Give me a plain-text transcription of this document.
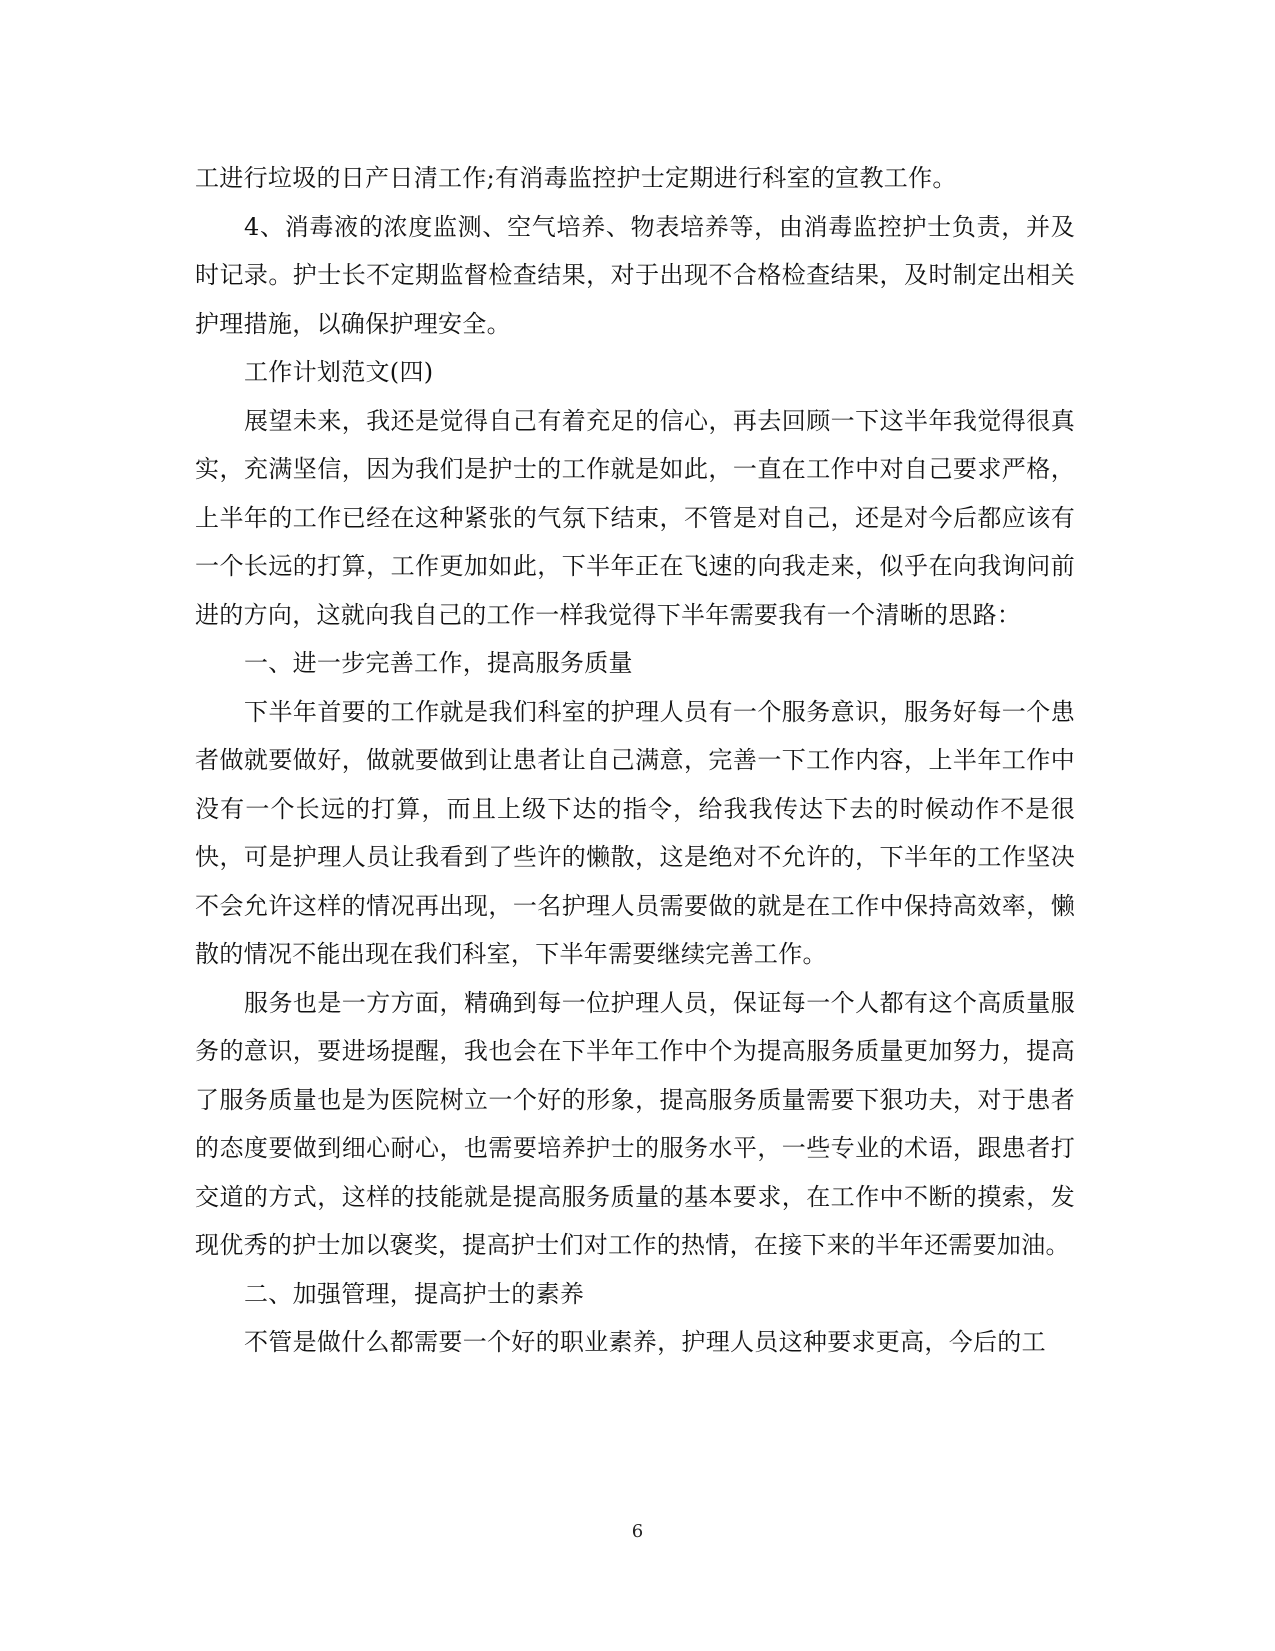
工进行垃圾的日产日清工作;有消毒监控护士定期进行科室的宣教工作。

4、消毒液的浓度监测、空气培养、物表培养等，由消毒监控护士负责，并及时记录。护士长不定期监督检查结果，对于出现不合格检查结果，及时制定出相关护理措施，以确保护理安全。

工作计划范文(四)

展望未来，我还是觉得自己有着充足的信心，再去回顾一下这半年我觉得很真实，充满坚信，因为我们是护士的工作就是如此，一直在工作中对自己要求严格，上半年的工作已经在这种紧张的气氛下结束，不管是对自己，还是对今后都应该有一个长远的打算，工作更加如此，下半年正在飞速的向我走来，似乎在向我询问前进的方向，这就向我自己的工作一样我觉得下半年需要我有一个清晰的思路：

一、进一步完善工作，提高服务质量

下半年首要的工作就是我们科室的护理人员有一个服务意识，服务好每一个患者做就要做好，做就要做到让患者让自己满意，完善一下工作内容，上半年工作中没有一个长远的打算，而且上级下达的指令，给我我传达下去的时候动作不是很快，可是护理人员让我看到了些许的懒散，这是绝对不允许的，下半年的工作坚决不会允许这样的情况再出现，一名护理人员需要做的就是在工作中保持高效率，懒散的情况不能出现在我们科室，下半年需要继续完善工作。

服务也是一方方面，精确到每一位护理人员，保证每一个人都有这个高质量服务的意识，要进场提醒，我也会在下半年工作中个为提高服务质量更加努力，提高了服务质量也是为医院树立一个好的形象，提高服务质量需要下狠功夫，对于患者的态度要做到细心耐心，也需要培养护士的服务水平，一些专业的术语，跟患者打交道的方式，这样的技能就是提高服务质量的基本要求，在工作中不断的摸索，发现优秀的护士加以褒奖，提高护士们对工作的热情，在接下来的半年还需要加油。

二、加强管理，提高护士的素养

不管是做什么都需要一个好的职业素养，护理人员这种要求更高，今后的工

6
